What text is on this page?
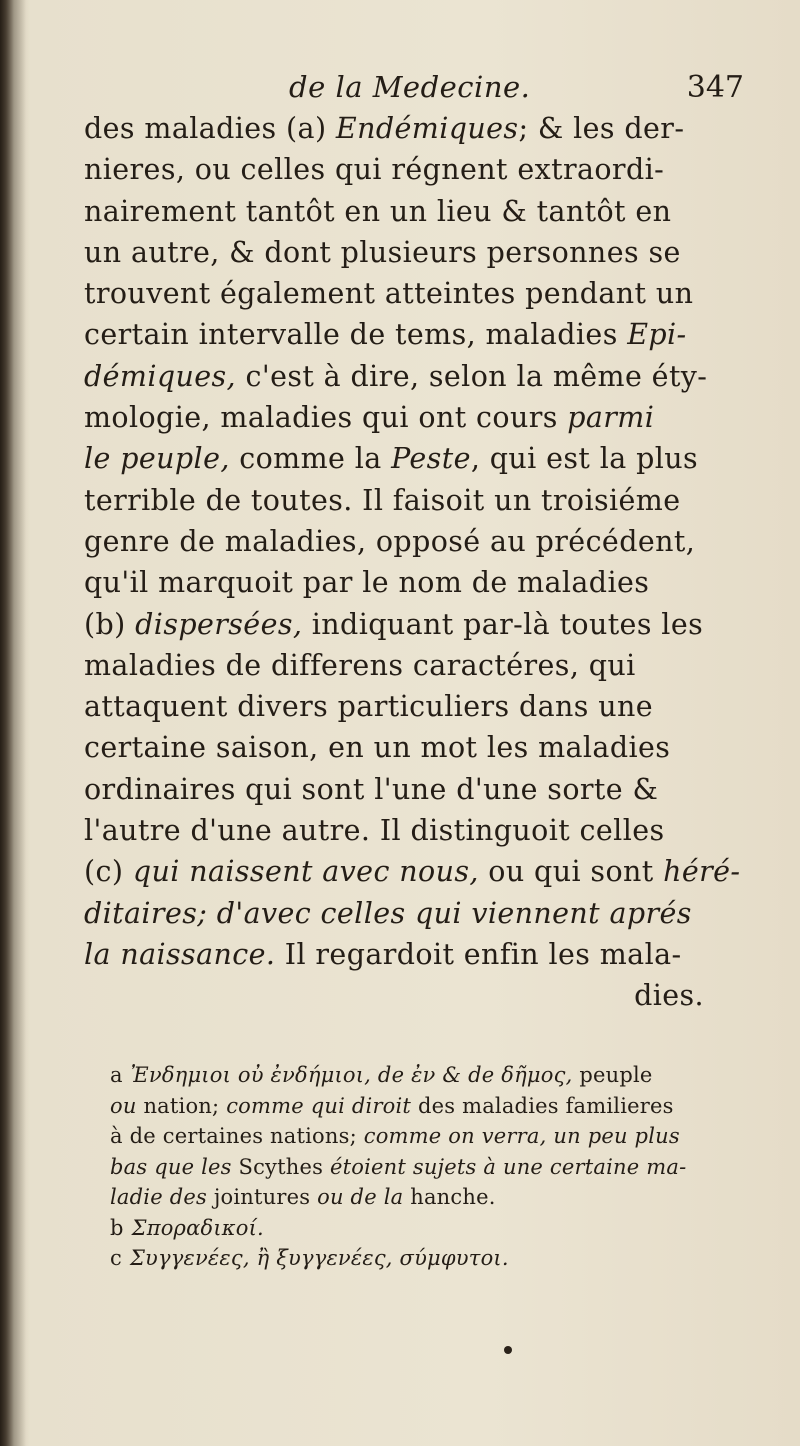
de la Medecine.	347
des maladies (a) Endémiques; & les der-
nieres, ou celles qui régnent extraordi-
nairement tantôt en un lieu & tantôt en
un autre, & dont plusieurs personnes se
trouvent également atteintes pendant un
certain intervalle de tems, maladies Epi-
démiques, c'est à dire, selon la même éty-
mologie, maladies qui ont cours parmi
le peuple, comme la Peste, qui est la plus
terrible de toutes. Il faisoit un troisiéme
genre de maladies, opposé au précédent,
qu'il marquoit par le nom de maladies
(b) dispersées, indiquant par-là toutes les
maladies de differens caractéres, qui
attaquent divers particuliers dans une
certaine saison, en un mot les maladies
ordinaires qui sont l'une d'une sorte &
l'autre d'une autre. Il distinguoit celles
(c) qui naissent avec nous, ou qui sont héré-
ditaires; d'avec celles qui viennent aprés
la naissance. Il regardoit enfin les mala-
dies.
a Ἐνδημιοι οὐ ἐνδήμιοι, de ἐν & de δῆμος, peuple
ou nation; comme qui diroit des maladies familieres
à de certaines nations; comme on verra, un peu plus
bas que les Scythes étoient sujets à une certaine ma-
ladie des jointures ou de la hanche.
b Σποραδικοί.
c Συγγενέες, ἢ ξυγγενέες, σύμφυτοι.
